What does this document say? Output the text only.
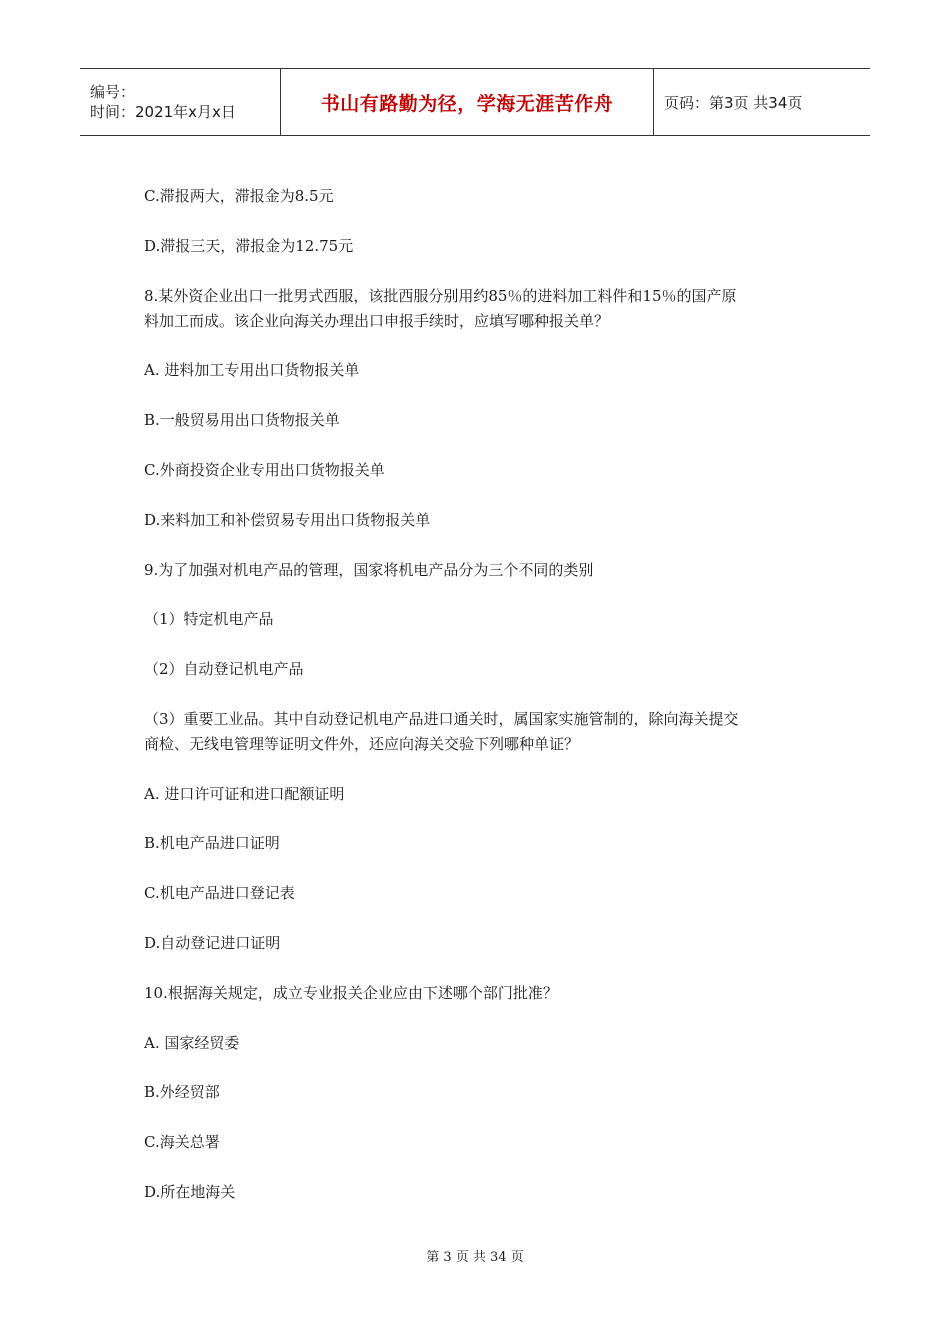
编号：
时间：2021年x月x日	书山有路勤为径，学海无涯苦作舟	页码：第3页 共34页
C.滞报两大，滞报金为8.5元
D.滞报三天，滞报金为12.75元
8.某外资企业出口一批男式西服，该批西服分别用约85％的进料加工料件和15％的国产原
料加工而成。该企业向海关办理出口申报手续时，应填写哪种报关单？
A. 进料加工专用出口货物报关单
B.一般贸易用出口货物报关单
C.外商投资企业专用出口货物报关单
D.来料加工和补偿贸易专用出口货物报关单
9.为了加强对机电产品的管理，国家将机电产品分为三个不同的类别
（1）特定机电产品
（2）自动登记机电产品
（3）重要工业品。其中自动登记机电产品进口通关时，属国家实施管制的，除向海关提交
商检、无线电管理等证明文件外，还应向海关交验下列哪种单证？
A. 进口许可证和进口配额证明
B.机电产品进口证明
C.机电产品进口登记表
D.自动登记进口证明
10.根据海关规定，成立专业报关企业应由下述哪个部门批准？
A. 国家经贸委
B.外经贸部
C.海关总署
D.所在地海关
第 3 页 共 34 页
